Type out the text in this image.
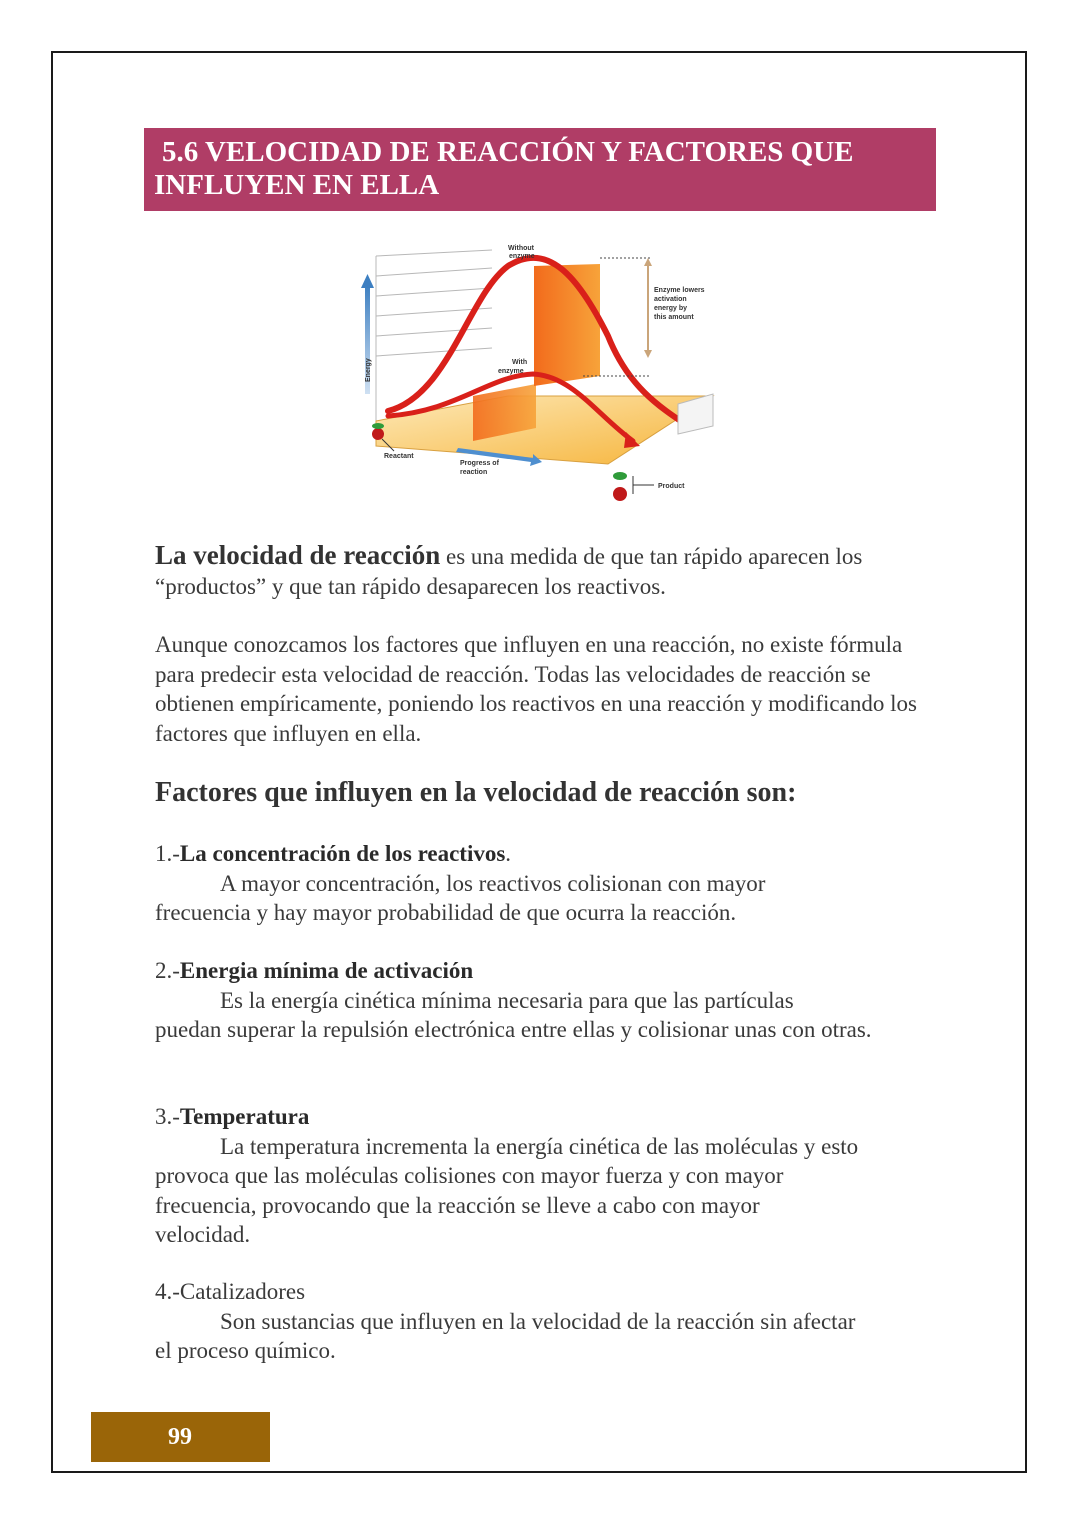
5.6 VELOCIDAD DE REACCIÓN Y FACTORES QUE
INFLUYEN EN ELLA
Without
enzyme
Enzyme lowers
activation
energy by
this amount
With
enzyme
Energy
Reactant
Progress of
reaction
Product

La velocidad de reacción es una medida de que tan rápido aparecen los “productos” y que tan rápido desaparecen los reactivos.

Aunque conozcamos los factores que influyen en una reacción, no existe fórmula para predecir esta velocidad de reacción. Todas las velocidades de reacción se obtienen empíricamente, poniendo los reactivos en una reacción y modificando los factores que influyen en ella.

Factores que influyen en la velocidad de reacción son:

1.-La concentración de los reactivos.

A mayor concentración, los reactivos colisionan con mayor

frecuencia y hay mayor probabilidad de que ocurra la reacción.

2.-Energia mínima de activación

Es la energía cinética mínima necesaria para que las partículas

puedan superar la repulsión electrónica entre ellas y colisionar unas con otras.

3.-Temperatura

La temperatura incrementa la energía cinética de las moléculas y esto

provoca que las moléculas colisiones con mayor fuerza y con mayor frecuencia, provocando que la reacción se lleve a cabo con mayor velocidad.

4.-Catalizadores

Son sustancias que influyen en la velocidad de la reacción sin afectar

el proceso químico.

99
